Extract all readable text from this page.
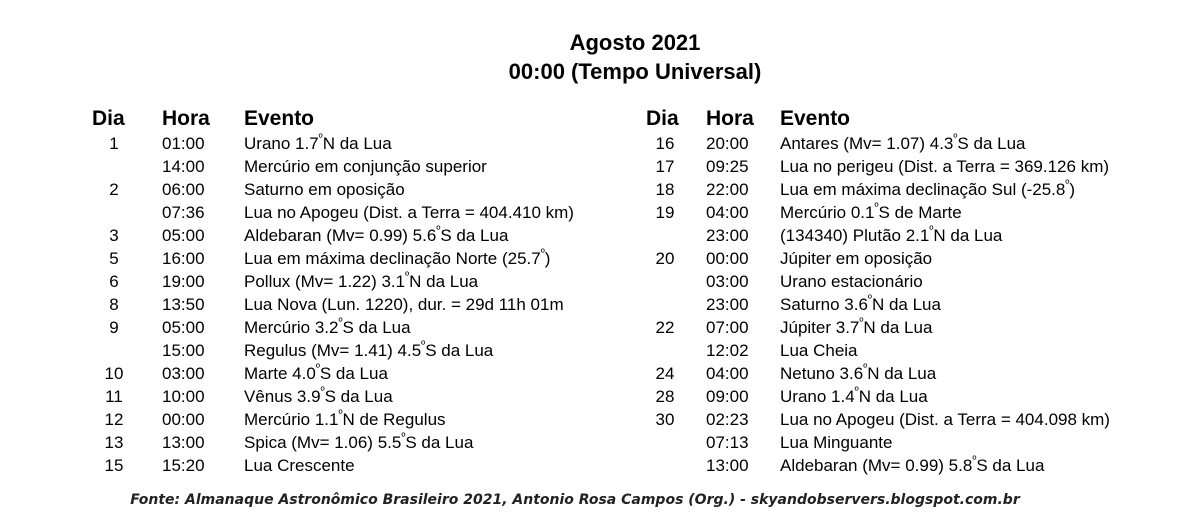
Agosto 2021
00:00 (Tempo Universal)
Dia	Hora Evento
1	01:00 Urano $1.7^ºN$ da Lua
14:00 Mercúrio em conjunção superior
2	06:00 Saturno em oposição
07:36 Lua no Apogeu (Dist. a Terra = 404.410 km)
3	05:00 Aldebaran (Mv= 0.99) $5.6^ºS$ da Lua
5	16:00 Lua em máxima declinação Norte $(25.7^º)$
6	19:00 Pollux (Mv= 1.22) $3.1^ºN$ da Lua
8	13:50 Lua Nova (Lun. 1220), dur. = 29d 11h 01m
9	05:00 Mercúrio $3.2^ºS$ da Lua
15:00 Regulus (Mv= 1.41) $4.5^ºS$ da Lua
10	03:00 Marte $4.0^ºS$ da Lua
11	10:00 Vênus $3.9^ºS$ da Lua
12	00:00 Mercúrio $1.1^ºN$ de Regulus
13	13:00 Spica (Mv= 1.06) $5.5^ºS$ da Lua
15	15:20 Lua Crescente
Dia	Hora Evento
16	20:00 Antares (Mv= 1.07) $4.3^ºS$ da Lua
17	09:25 Lua no perigeu (Dist. a Terra = 369.126 km)
18	22:00 Lua em máxima declinação Sul $(-25.8^º)$
19	04:00 Mercúrio $0.1^ºS$ de Marte
23:00 (134340) Plutão $2.1^ºN$ da Lua
20	00:00 Júpiter em oposição
03:00 Urano estacionário
23:00 Saturno $3.6^ºN$ da Lua
22	07:00 Júpiter $3.7^ºN$ da Lua
12:02 Lua Cheia
24	04:00 Netuno $3.6^ºN$ da Lua
28	09:00 Urano $1.4^ºN$ da Lua
30	02:23 Lua no Apogeu (Dist. a Terra = 404.098 km)
07:13 Lua Minguante
13:00 Aldebaran (Mv= 0.99) $5.8^ºS$ da Lua
Fonte: Almanaque Astronômico Brasileiro 2021, Antonio Rosa Campos (Org.) - skyandobservers.blogspot.com.br
